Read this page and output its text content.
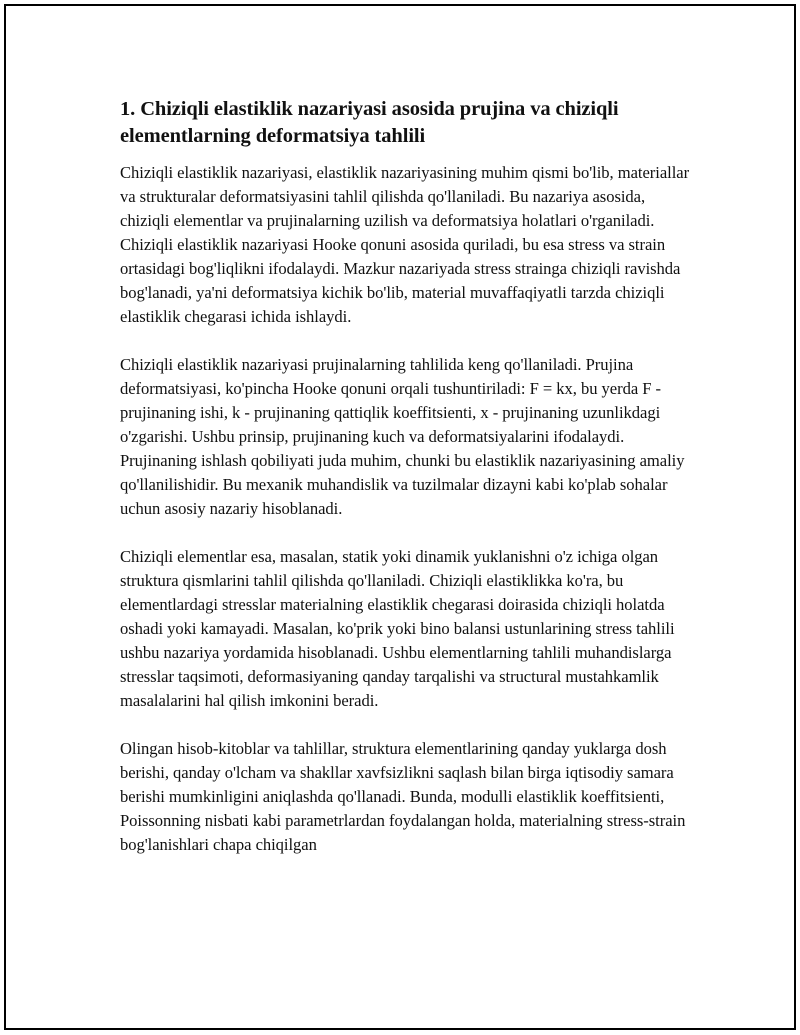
1. Chiziqli elastiklik nazariyasi asosida prujina va chiziqli elementlarning deformatsiya tahlili

Chiziqli elastiklik nazariyasi, elastiklik nazariyasining muhim qismi bo'lib, materiallar va strukturalar deformatsiyasini tahlil qilishda qo'llaniladi. Bu nazariya asosida, chiziqli elementlar va prujinalarning uzilish va deformatsiya holatlari o'rganiladi. Chiziqli elastiklik nazariyasi Hooke qonuni asosida quriladi, bu esa stress va strain ortasidagi bog'liqlikni ifodalaydi. Mazkur nazariyada stress strainga chiziqli ravishda bog'lanadi, ya'ni deformatsiya kichik bo'lib, material muvaffaqiyatli tarzda chiziqli elastiklik chegarasi ichida ishlaydi.

Chiziqli elastiklik nazariyasi prujinalarning tahlilida keng qo'llaniladi. Prujina deformatsiyasi, ko'pincha Hooke qonuni orqali tushuntiriladi: F = kx, bu yerda F - prujinaning ishi, k - prujinaning qattiqlik koeffitsienti, x - prujinaning uzunlikdagi o'zgarishi. Ushbu prinsip, prujinaning kuch va deformatsiyalarini ifodalaydi. Prujinaning ishlash qobiliyati juda muhim, chunki bu elastiklik nazariyasining amaliy qo'llanilishidir. Bu mexanik muhandislik va tuzilmalar dizayni kabi ko'plab sohalar uchun asosiy nazariy hisoblanadi.

Chiziqli elementlar esa, masalan, statik yoki dinamik yuklanishni o'z ichiga olgan struktura qismlarini tahlil qilishda qo'llaniladi. Chiziqli elastiklikka ko'ra, bu elementlardagi stresslar materialning elastiklik chegarasi doirasida chiziqli holatda oshadi yoki kamayadi. Masalan, ko'prik yoki bino balansi ustunlarining stress tahlili ushbu nazariya yordamida hisoblanadi. Ushbu elementlarning tahlili muhandislarga stresslar taqsimoti, deformasiyaning qanday tarqalishi va structural mustahkamlik masalalarini hal qilish imkonini beradi.

Olingan hisob-kitoblar va tahlillar, struktura elementlarining qanday yuklarga dosh berishi, qanday o'lcham va shakllar xavfsizlikni saqlash bilan birga iqtisodiy samara berishi mumkinligini aniqlashda qo'llanadi. Bunda, modulli elastiklik koeffitsienti, Poissonning nisbati kabi parametrlardan foydalangan holda, materialning stress-strain bog'lanishlari chapa chiqilgan
